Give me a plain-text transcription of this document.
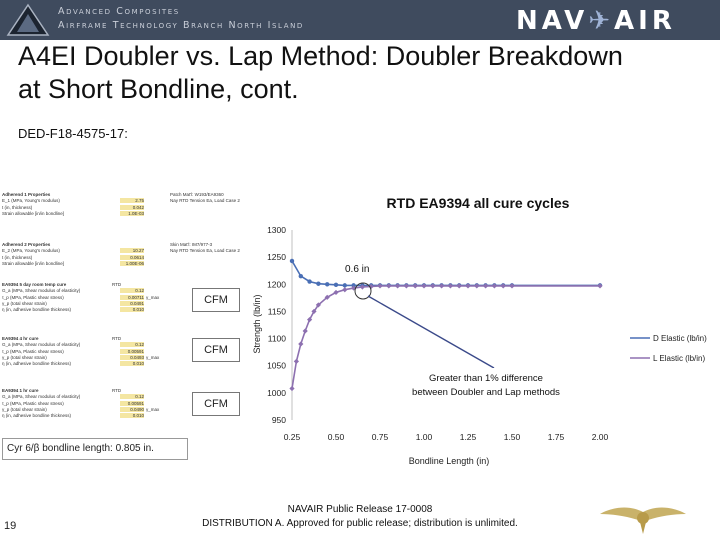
Advanced Composites
Airframe Technology Branch North Island	NAV✈AIR
A4EI Doubler vs. Lap Method: Doubler Breakdown
at Short Bondline, cont.
DED-F18-4575-17:
Adherend 1 Properties	Patch Mat'l: W193/EA9360
E_1 (MPa, Young's modulus)	2.75	Nay RTD Tension Ea, Load Case 2
t (in, thickness)	0.042
Strain allowable [in/in bondline]	1.0E-03
Adherend 2 Properties	Skin Mat'l: IM7/977-3
E_2 (MPa, Young's modulus)	10.27	Nay RTD Tension Ea, Load Case 2
t (in, thickness)	0.0614
Strain allowable [in/in bondline]	1.00E-06
EA9394 5 day room temp cure	RTD
G_a (MPa, Shear modulus of elasticity)	0.12
τ_p (MPa, Plastic shear stress)	0.00711 γ_max
γ_p (total shear strain)	0.0491
η (in, adhesive bondline thickness)	0.010
EA9394 4 hr cure	RTD
G_a (MPa, Shear modulus of elasticity)	0.12
τ_p (MPa, Plastic shear stress)	0.00591
γ_p (total shear strain)	0.0493 γ_max
η (in, adhesive bondline thickness)	0.010
EA9394 1 hr cure	RTD
G_a (MPa, Shear modulus of elasticity)	0.12
τ_p (MPa, Plastic shear stress)	0.00591
γ_p (total shear strain)	0.0490 γ_max
η (in, adhesive bondline thickness)	0.010
CFM
CFM
CFM
Cyr 6/β bondline length: 0.805 in.
RTD EA9394 all cure cycles
950
1000
1050
1100
1150
1200
1250
1300
0.25	0.50	0.75	1.00	1.25	1.50	1.75	2.00
Strength (lb/in)
Bondline Length (in)
0.6 in
Greater than 1% difference
between Doubler and Lap methods
D Elastic (lb/in)
L Elastic (lb/in)
19
NAVAIR Public Release 17-0008
DISTRIBUTION A. Approved for public release; distribution is unlimited.
